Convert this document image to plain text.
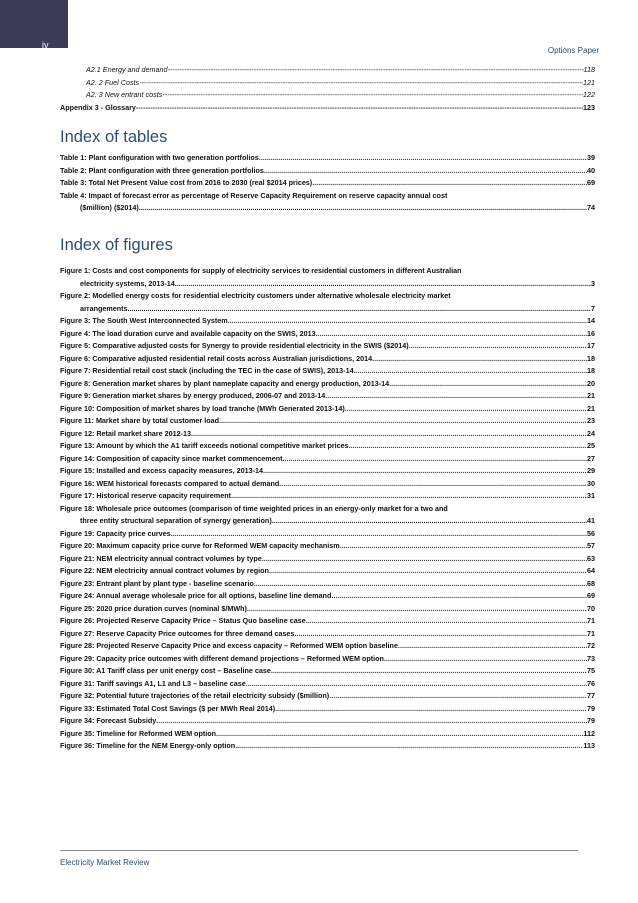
iv
Options Paper
A2.1 Energy and demand -----	118
A2. 2 Fuel Costs -----	121
A2. 3 New entrant costs -----	122
Appendix 3 - Glossary -----	123
Index of tables
Table 1: Plant configuration with two generation portfolios .....	39
Table 2: Plant configuration with three generation portfolios .....	40
Table 3: Total Net Present Value cost from 2016 to 2030 (real $2014 prices) .....	69
Table 4: Impact of forecast error as percentage of Reserve Capacity Requirement on reserve capacity annual cost
($million) ($2014) .....	74
Index of figures
Figure 1: Costs and cost components for supply of electricity services to residential customers in different Australian
electricity systems, 2013-14 .....	3
Figure 2: Modelled energy costs for residential electricity customers under alternative wholesale electricity market
arrangements .....	7
Figure 3: The South West Interconnected System .....	14
Figure 4: The load duration curve and available capacity on the SWIS, 2013 .....	16
Figure 5: Comparative adjusted costs for Synergy to provide residential electricity in the SWIS ($2014) .....	17
Figure 6: Comparative adjusted residential retail costs across Australian jurisdictions, 2014 .....	18
Figure 7: Residential retail cost stack (including the TEC in the case of SWIS), 2013-14 .....	18
Figure 8: Generation market shares by plant nameplate capacity and energy production, 2013-14 .....	20
Figure 9: Generation market shares by energy produced, 2006-07 and 2013-14 .....	21
Figure 10: Composition of market shares by load tranche (MWh Generated 2013-14) .....	21
Figure 11: Market share by total customer load .....	23
Figure 12: Retail market share 2012-13 .....	24
Figure 13: Amount by which the A1 tariff exceeds notional competitive market prices .....	25
Figure 14: Composition of capacity since market commencement .....	27
Figure 15: Installed and excess capacity measures, 2013-14 .....	29
Figure 16: WEM historical forecasts compared to actual demand .....	30
Figure 17: Historical reserve capacity requirement .....	31
Figure 18: Wholesale price outcomes (comparison of time weighted prices in an energy-only market for a two and
three entity structural separation of synergy generation) .....	41
Figure 19: Capacity price curves .....	56
Figure 20: Maximum capacity price curve for Reformed WEM capacity mechanism .....	57
Figure 21: NEM electricity annual contract volumes by type .....	63
Figure 22: NEM electricity annual contract volumes by region .....	64
Figure 23: Entrant plant by plant type - baseline scenario .....	68
Figure 24: Annual average wholesale price for all options, baseline line demand. .....	69
Figure 25: 2020 price duration curves (nominal $/MWh) .....	70
Figure 26: Projected Reserve Capacity Price – Status Quo baseline case .....	71
Figure 27: Reserve Capacity Price outcomes for three demand cases .....	71
Figure 28: Projected Reserve Capacity Price and excess capacity – Reformed WEM option baseline .....	72
Figure 29: Capacity price outcomes with different demand projections – Reformed WEM option .....	73
Figure 30: A1 Tariff class per unit energy cost – Baseline case .....	75
Figure 31: Tariff savings A1, L1 and L3 – baseline case .....	76
Figure 32: Potential future trajectories of the retail electricity subsidy ($million) .....	77
Figure 33: Estimated Total Cost Savings ($ per MWh Real 2014) .....	79
Figure 34: Forecast Subsidy .....	79
Figure 35: Timeline for Reformed WEM option .....	112
Figure 36: Timeline for the NEM Energy-only option .....	113
Electricity Market Review
